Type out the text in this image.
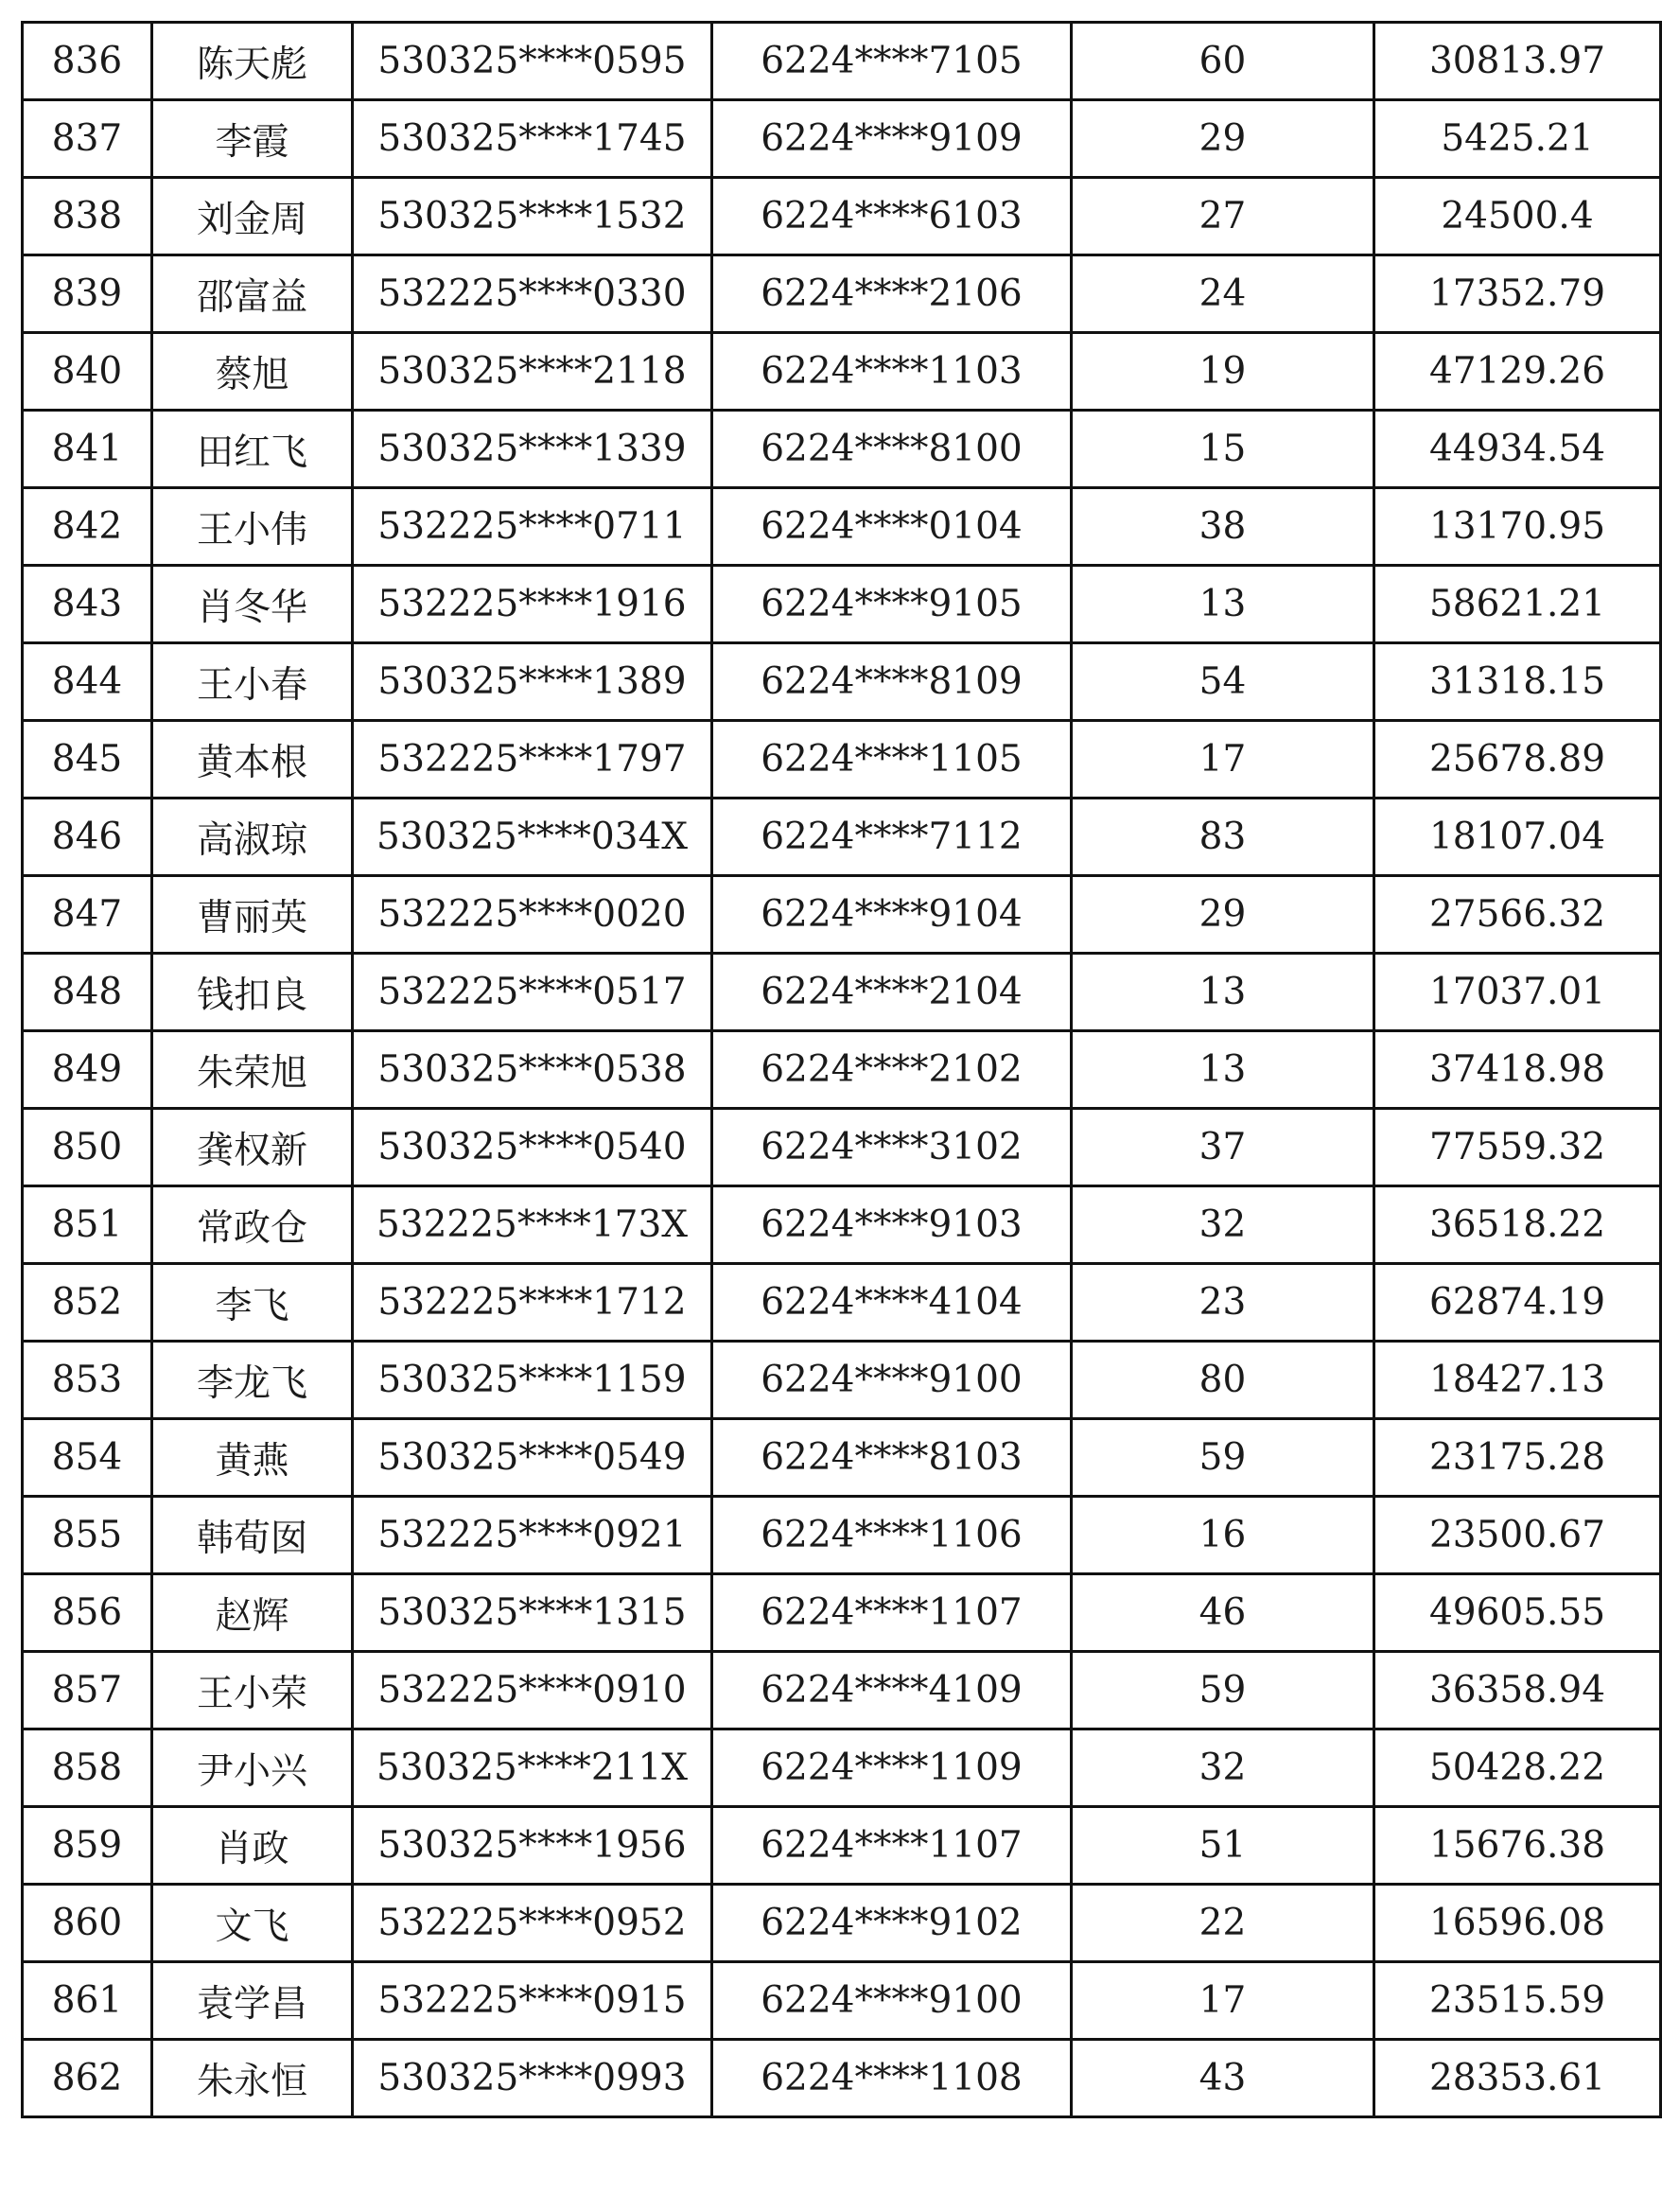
836	陈天彪	530325****0595	6224****7105	60	30813.97
837	李霞	530325****1745	6224****9109	29	5425.21
838	刘金周	530325****1532	6224****6103	27	24500.4
839	邵富益	532225****0330	6224****2106	24	17352.79
840	蔡旭	530325****2118	6224****1103	19	47129.26
841	田红飞	530325****1339	6224****8100	15	44934.54
842	王小伟	532225****0711	6224****0104	38	13170.95
843	肖冬华	532225****1916	6224****9105	13	58621.21
844	王小春	530325****1389	6224****8109	54	31318.15
845	黄本根	532225****1797	6224****1105	17	25678.89
846	高淑琼	530325****034X	6224****7112	83	18107.04
847	曹丽英	532225****0020	6224****9104	29	27566.32
848	钱扣良	532225****0517	6224****2104	13	17037.01
849	朱荣旭	530325****0538	6224****2102	13	37418.98
850	龚权新	530325****0540	6224****3102	37	77559.32
851	常政仓	532225****173X	6224****9103	32	36518.22
852	李飞	532225****1712	6224****4104	23	62874.19
853	李龙飞	530325****1159	6224****9100	80	18427.13
854	黄燕	530325****0549	6224****8103	59	23175.28
855	韩荀囡	532225****0921	6224****1106	16	23500.67
856	赵辉	530325****1315	6224****1107	46	49605.55
857	王小荣	532225****0910	6224****4109	59	36358.94
858	尹小兴	530325****211X	6224****1109	32	50428.22
859	肖政	530325****1956	6224****1107	51	15676.38
860	文飞	532225****0952	6224****9102	22	16596.08
861	袁学昌	532225****0915	6224****9100	17	23515.59
862	朱永恒	530325****0993	6224****1108	43	28353.61
